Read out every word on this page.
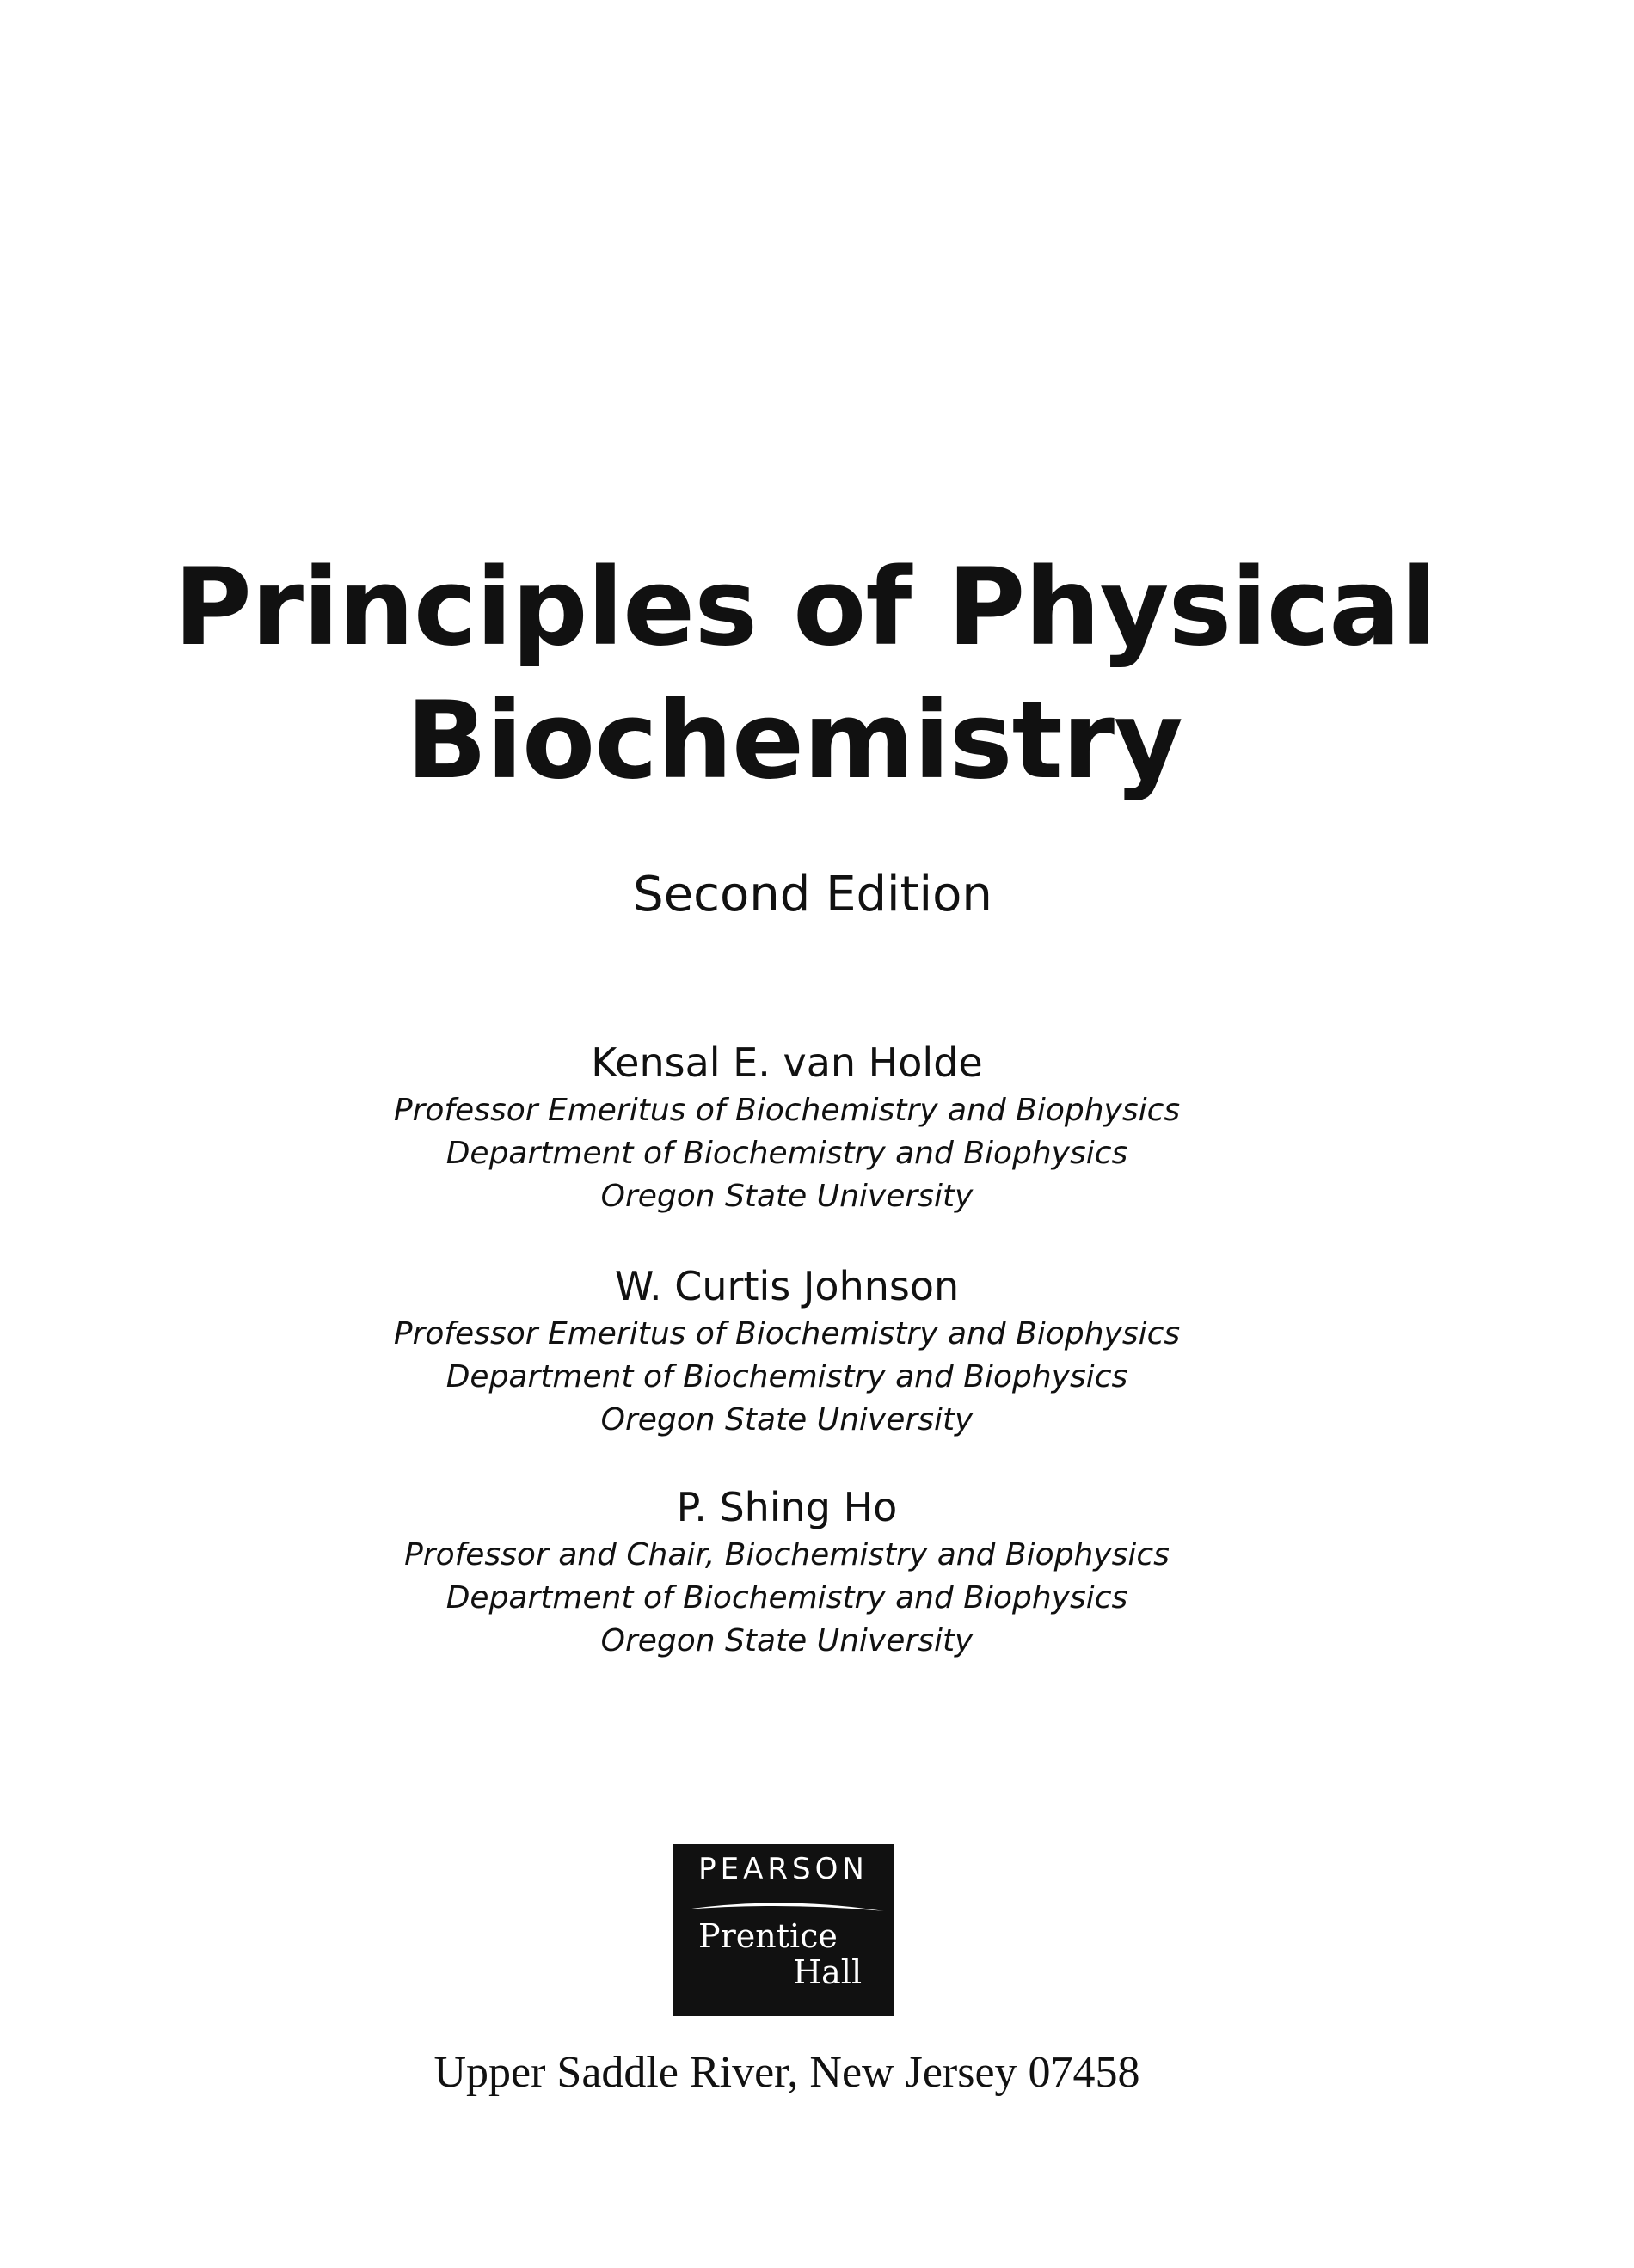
Principles of Physical
Biochemistry
Second Edition
Kensal E. van Holde
Professor Emeritus of Biochemistry and Biophysics
Department of Biochemistry and Biophysics
Oregon State University
W. Curtis Johnson
Professor Emeritus of Biochemistry and Biophysics
Department of Biochemistry and Biophysics
Oregon State University
P. Shing Ho
Professor and Chair, Biochemistry and Biophysics
Department of Biochemistry and Biophysics
Oregon State University
PEARSON
Prentice
Hall
Upper Saddle River, New Jersey 07458
